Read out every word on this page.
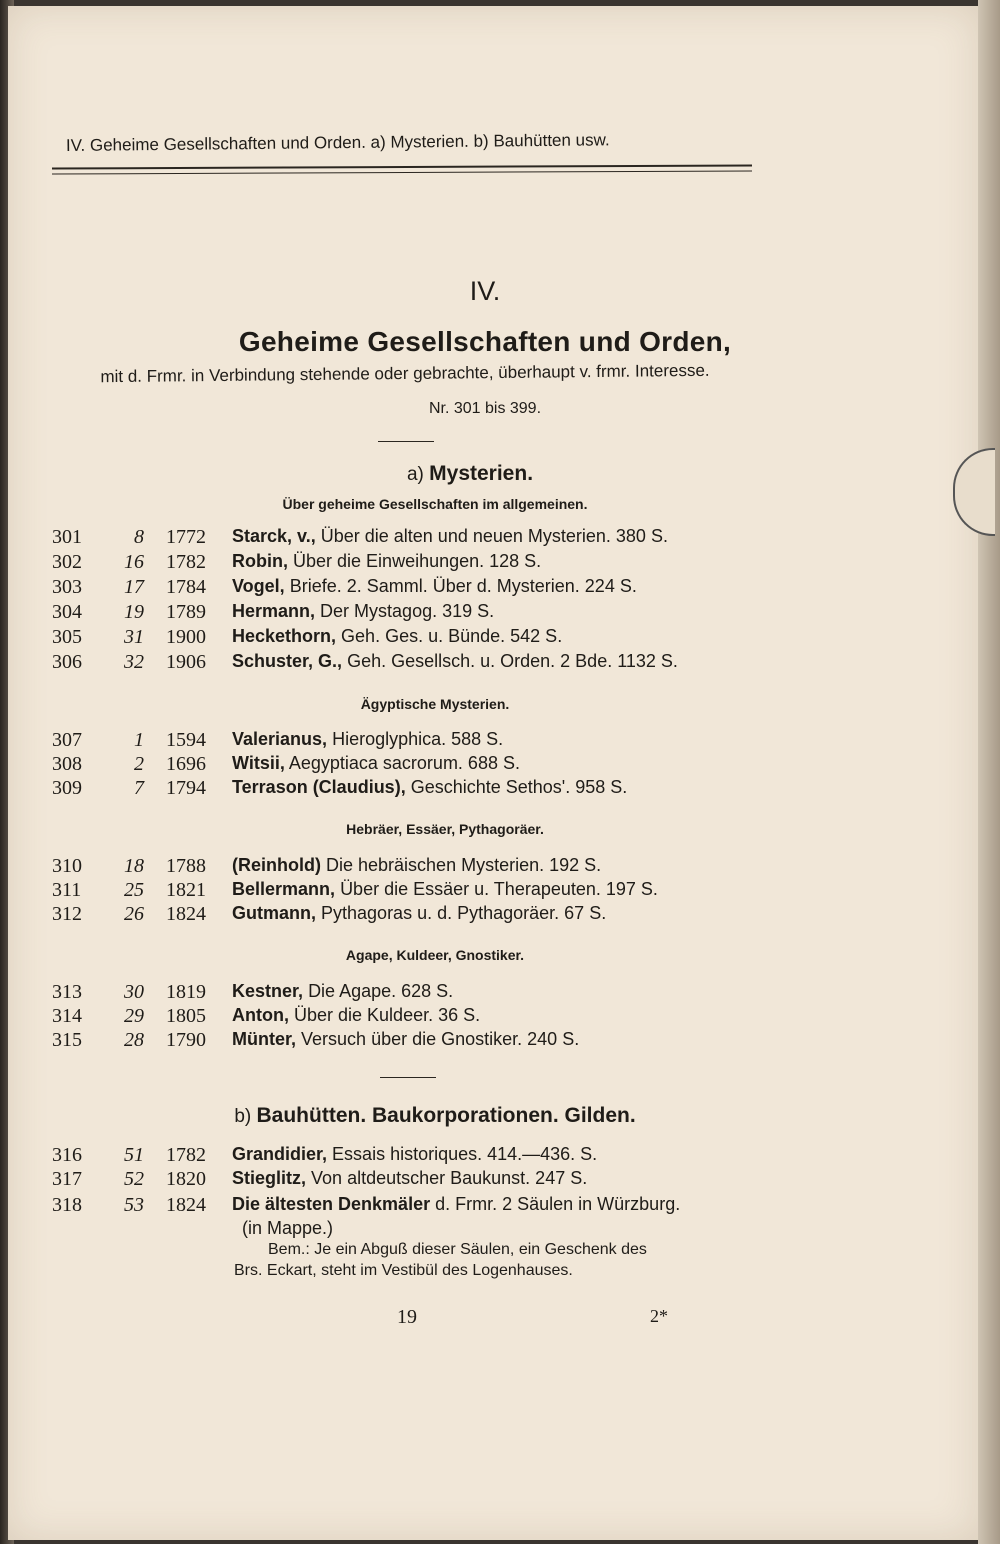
IV. Geheime Gesellschaften und Orden. a) Mysterien. b) Bauhütten usw.
IV.
Geheime Gesellschaften und Orden,
mit d. Frmr. in Verbindung stehende oder gebrachte, überhaupt v. frmr. Interesse.
Nr. 301 bis 399.
a) Mysterien.
Über geheime Gesellschaften im allgemeinen.
301	8 1772 Starck, v., Über die alten und neuen Mysterien. 380 S.
302	16 1782 Robin, Über die Einweihungen. 128 S.
303	17 1784 Vogel, Briefe. 2. Samml. Über d. Mysterien. 224 S.
304	19 1789 Hermann, Der Mystagog. 319 S.
305	31 1900 Heckethorn, Geh. Ges. u. Bünde. 542 S.
306	32 1906 Schuster, G., Geh. Gesellsch. u. Orden. 2 Bde. 1132 S.
Ägyptische Mysterien.
307	1 1594 Valerianus, Hieroglyphica. 588 S.
308	2 1696 Witsii, Aegyptiaca sacrorum. 688 S.
309	7 1794 Terrason (Claudius), Geschichte Sethos'. 958 S.
Hebräer, Essäer, Pythagoräer.
310	18 1788 (Reinhold) Die hebräischen Mysterien. 192 S.
311	25 1821 Bellermann, Über die Essäer u. Therapeuten. 197 S.
312	26 1824 Gutmann, Pythagoras u. d. Pythagoräer. 67 S.
Agape, Kuldeer, Gnostiker.
313	30 1819 Kestner, Die Agape. 628 S.
314	29 1805 Anton, Über die Kuldeer. 36 S.
315	28 1790 Münter, Versuch über die Gnostiker. 240 S.
b) Bauhütten. Baukorporationen. Gilden.
316	51 1782 Grandidier, Essais historiques. 414.—436. S.
317	52 1820 Stieglitz, Von altdeutscher Baukunst. 247 S.
318	53 1824 Die ältesten Denkmäler d. Frmr. 2 Säulen in Würzburg.
(in Mappe.)
Bem.: Je ein Abguß dieser Säulen, ein Geschenk des
Brs. Eckart, steht im Vestibül des Logenhauses.
19	2*
